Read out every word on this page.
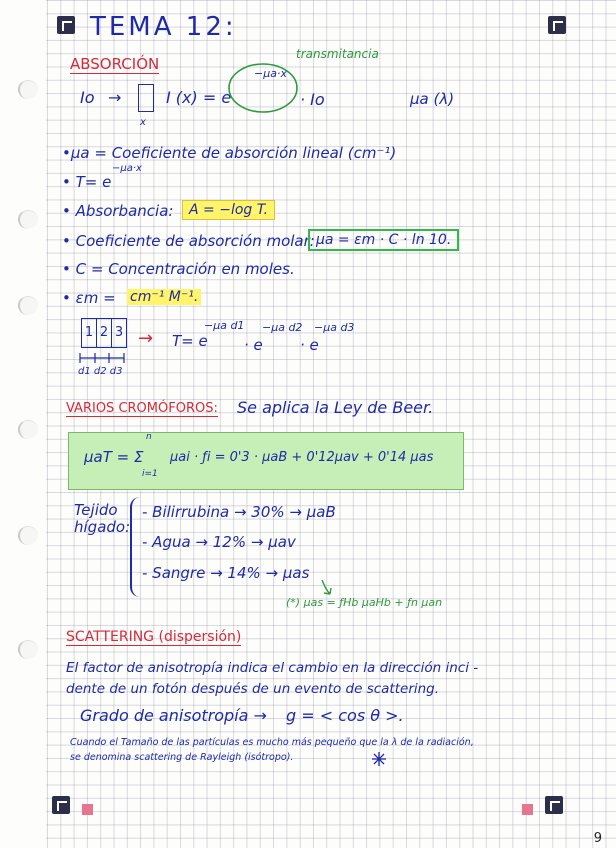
TEMA 12:
ABSORCIÓN
transmitancia
Io →
x
I (x) = e
−μa·x
· Io	μa (λ)
•μa = Coeficiente de absorción lineal (cm⁻¹)
• T= e
−μa·x
• Absorbancia:	A = −log T.
• Coeficiente de absorción molar: μa = εm · C · ln 10.
• C = Concentración en moles.
• εm = cm⁻¹ M⁻¹.
1 2 3
d1 d2 d3
→ T= e
−μa d1
· e
−μa d2
· e
−μa d3
VARIOS CROMÓFOROS: Se aplica la Ley de Beer.
μaT = Σ
n
i=1
μai · ƒi = 0'3 · μaB + 0'12μav + 0'14 μas
Tejido
hígado:
- Bilirrubina → 30% → μaB
- Agua → 12% → μav
- Sangre → 14% → μas
(*) μas = ƒHb μaHb + ƒn μan
SCATTERING (dispersión)
El factor de anisotropía indica el cambio en la dirección inci -
dente de un fotón después de un evento de scattering.
Grado de anisotropía → g = < cos θ >.
Cuando el Tamaño de las partículas es mucho más pequeño que la λ de la radiación,
se denomina scattering de Rayleigh (isótropo).
9
